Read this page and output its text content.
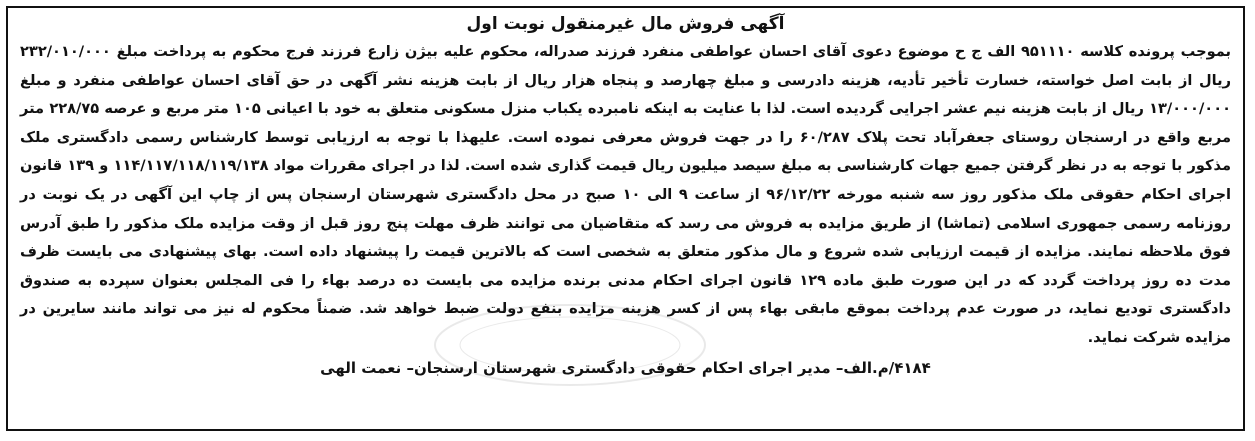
آگهی فروش مال غیرمنقول نوبت اول

بموجب پرونده کلاسه ۹۵۱۱۱۰ الف ج ح موضوع دعوی آقای احسان عواطفی منفرد فرزند صدراله، محکوم علیه بیژن زارع فرزند فرج محکوم به پرداخت مبلغ ۲۳۲/۰۱۰/۰۰۰ ریال از بابت اصل خواسته، خسارت تأخیر تأدیه، هزینه دادرسی و مبلغ چهارصد و پنجاه هزار ریال از بابت هزینه نشر آگهی در حق آقای احسان عواطفی منفرد و مبلغ ۱۳/۰۰۰/۰۰۰ ریال از بابت هزینه نیم عشر اجرایی گردیده است. لذا با عنایت به اینکه نامبرده یکباب منزل مسکونی متعلق به خود با اعیانی ۱۰۵ متر مربع و عرصه ۲۲۸/۷۵ متر مربع واقع در ارسنجان روستای جعفرآباد تحت پلاک ۶۰/۲۸۷ را در جهت فروش معرفی نموده است. علیهذا با توجه به ارزیابی توسط کارشناس رسمی دادگستری ملک مذکور با توجه به در نظر گرفتن جمیع جهات کارشناسی به مبلغ سیصد میلیون ریال قیمت گذاری شده است. لذا در اجرای مقررات مواد ۱۱۴/۱۱۷/۱۱۸/۱۱۹/۱۳۸ و ۱۳۹ قانون اجرای احکام حقوقی ملک مذکور روز سه شنبه مورخه ۹۶/۱۲/۲۲ از ساعت ۹ الی ۱۰ صبح در محل دادگستری شهرستان ارسنجان پس از چاپ این آگهی در یک نوبت در روزنامه رسمی جمهوری اسلامی (تماشا) از طریق مزایده به فروش می رسد که متقاضیان می توانند ظرف مهلت پنج روز قبل از وقت مزایده ملک مذکور را طبق آدرس فوق ملاحظه نمایند. مزایده از قیمت ارزیابی شده شروع و مال مذکور متعلق به شخصی است که بالاترین قیمت را پیشنهاد داده است. بهای پیشنهادی می بایست ظرف مدت ده روز پرداخت گردد که در این صورت طبق ماده ۱۲۹ قانون اجرای احکام مدنی برنده مزایده می بایست ده درصد بهاء را فی المجلس بعنوان سپرده به صندوق دادگستری تودیع نماید، در صورت عدم پرداخت بموقع مابقی بهاء پس از کسر هزینه مزایده بنفع دولت ضبط خواهد شد. ضمناً محکوم له نیز می تواند مانند سایرین در مزایده شرکت نماید.

۴۱۸۴/م.الف– مدیر اجرای احکام حقوقی دادگستری شهرستان ارسنجان– نعمت الهی
